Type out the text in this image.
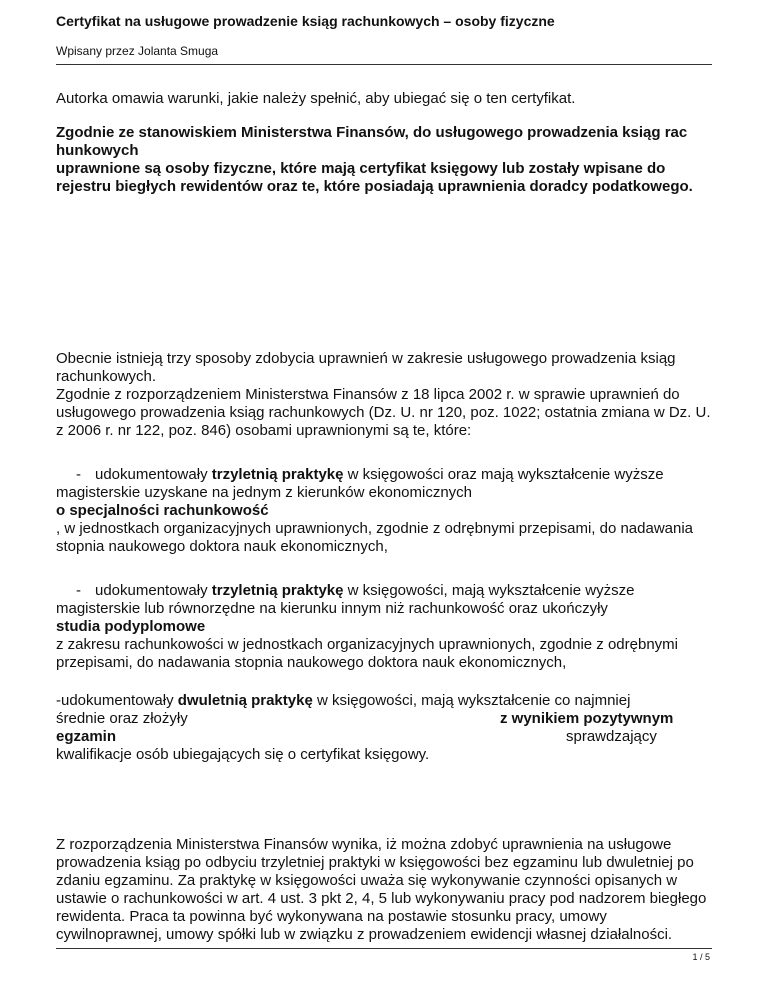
Certyfikat na usługowe prowadzenie ksiąg rachunkowych – osoby fizyczne
Wpisany przez Jolanta Smuga

Autorka omawia warunki, jakie należy spełnić, aby ubiegać się o ten certyfikat.

Zgodnie ze stanowiskiem Ministerstwa Finansów, do usługowego prowadzenia ksiąg rac
hunkowych
uprawnione są osoby fizyczne, które mają certyfikat księgowy lub zostały wpisane do rejestru biegłych rewidentów oraz te, które posiadają uprawnienia doradcy podatkowego.

Obecnie istnieją trzy sposoby zdobycia uprawnień w zakresie usługowego prowadzenia ksiąg rachunkowych.

Zgodnie z rozporządzeniem Ministerstwa Finansów z 18 lipca 2002 r. w sprawie uprawnień do usługowego prowadzenia ksiąg rachunkowych (Dz. U. nr 120, poz. 1022; ostatnia zmiana w Dz. U. z 2006 r. nr 122, poz. 846) osobami uprawnionymi są te, które:

- udokumentowały trzyletnią praktykę w księgowości oraz mają wykształcenie wyższe magisterskie uzyskane na jednym z kierunków ekonomicznych
o specjalności rachunkowość
, w jednostkach organizacyjnych uprawnionych, zgodnie z odrębnymi przepisami, do nadawania stopnia naukowego doktora nauk ekonomicznych,
- udokumentowały trzyletnią praktykę w księgowości, mają wykształcenie wyższe magisterskie lub równorzędne na kierunku innym niż rachunkowość oraz ukończyły
studia podyplomowe
z zakresu rachunkowości w jednostkach organizacyjnych uprawnionych, zgodnie z odrębnymi przepisami, do nadawania stopnia naukowego doktora nauk ekonomicznych,
-udokumentowały dwuletnią praktykę w księgowości, mają wykształcenie co najmniej
średnie oraz złożyły	z wynikiem pozytywnym
egzamin	sprawdzający
kwalifikacje osób ubiegających się o certyfikat księgowy.

Z rozporządzenia Ministerstwa Finansów wynika, iż można zdobyć uprawnienia na usługowe prowadzenia ksiąg po odbyciu trzyletniej praktyki w księgowości bez egzaminu lub dwuletniej po zdaniu egzaminu. Za praktykę w księgowości uważa się wykonywanie czynności opisanych w ustawie o rachunkowości w art. 4 ust. 3 pkt 2, 4, 5 lub wykonywaniu pracy pod nadzorem biegłego rewidenta. Praca ta powinna być wykonywana na postawie stosunku pracy, umowy cywilnoprawnej, umowy spółki lub w związku z prowadzeniem ewidencji własnej działalności.

1 / 5
